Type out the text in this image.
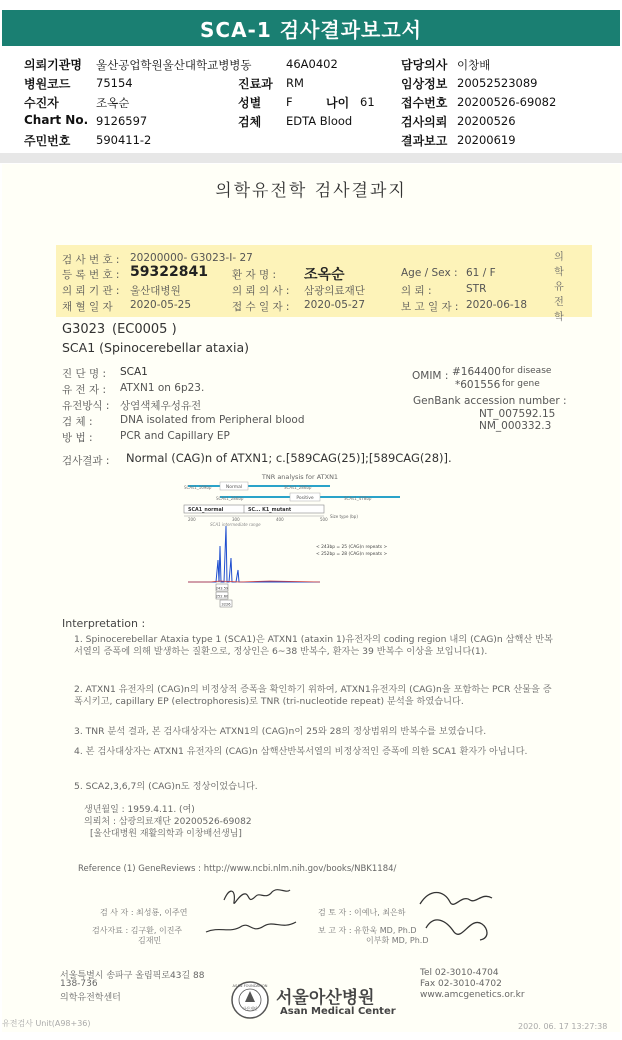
SCA-1 검사결과보고서
의뢰기관명 울산공업학원울산대학교병병동	46A0402	담당의사 이창배
병원코드 75154	진료과 RM	임상정보 20052523089
수진자	조옥순	성별 F	나이 61 접수번호 20200526-69082
Chart No. 9126597	검체 EDTA Blood	검사의뢰 20200526
주민번호 590411-2	결과보고 20200619
의학유전학 검사결과지
의 학 유 전 학
검 사 번 호 : 20200000- G3023-I- 27
등 록 번 호 : 59322841 환 자 명 : 조옥순	Age / Sex : 61 / F
의 뢰 기 관 : 울산대병원	의 뢰 의 사 : 삼광의료재단	의 뢰 :	STR
채 혈 일 자 2020-05-25	접 수 일 자 : 2020-05-27	보 고 일 자 : 2020-06-18
G3023 (EC0005 )
SCA1 (Spinocerebellar ataxia)
진 단 명 : SCA1
유 전 자 : ATXN1 on 6p23.
유전방식 : 상염색체우성유전
검 체 :	DNA isolated from Peripheral blood
방 법 :	PCR and Capillary EP
OMIM : #164400 for disease
*601556 for gene
GenBank accession number :
NT_007592.15
NM_000332.3
검사결과 : Normal (CAG)n of ATXN1; c.[589CAG(25)];[589CAG(28)].
TNR analysis for ATXN1
Normal
SCAs1_169bp	SCAs1_286bp
Positive
SCAs1_286bp	SCAs1_478bp
SCA1_normal	SC... K1_mutant
200	300	400	500
Size type (bp)
SCA1 intermediate range
< 243bp = 25 (CAG)n repeats >
< 252bp = 28 (CAG)n repeats >
243.59
252.60
3226
Interpretation :
1. Spinocerebellar Ataxia type 1 (SCA1)은 ATXN1 (ataxin 1)유전자의 coding region 내의 (CAG)n 삼핵산 반복서열의 증폭에 의해 발생하는 질환으로, 정상인은 6~38 반복수, 환자는 39 반복수 이상을 보입니다(1).
2. ATXN1 유전자의 (CAG)n의 비정상적 증폭을 확인하기 위하여, ATXN1유전자의 (CAG)n을 포함하는 PCR 산물을 증폭시키고, capillary EP (electrophoresis)로 TNR (tri-nucleotide repeat) 분석을 하였습니다.
3. TNR 분석 결과, 본 검사대상자는 ATXN1의 (CAG)n이 25와 28의 정상범위의 반복수를 보였습니다.
4. 본 검사대상자는 ATXN1 유전자의 (CAG)n 삼핵산반복서열의 비정상적인 증폭에 의한 SCA1 환자가 아닙니다.
5. SCA2,3,6,7의 (CAG)n도 정상이었습니다.
생년월일 : 1959.4.11. (여)
의뢰처 : 삼광의료재단 20200526-69082
[울산대병원 재활의학과 이창배선생님]
Reference (1) GeneReviews : http://www.ncbi.nlm.nih.gov/books/NBK1184/
검 사 자 : 최성룡, 이주연
검사자료 : 김구환, 이진주
김재민
검 토 자 : 이예나, 최은하
보 고 자 : 유한욱 MD, Ph.D
이부화 MD, Ph.D
서울특별시 송파구 올림픽로43길 88
138-736
의학유전학센터
ASAN FOUNDATION
아산재단
서울아산병원
Asan Medical Center
Tel 02-3010-4704
Fax 02-3010-4702
www.amcgenetics.or.kr
유전검사 Unit(A98+36)	2020. 06. 17 13:27:38
